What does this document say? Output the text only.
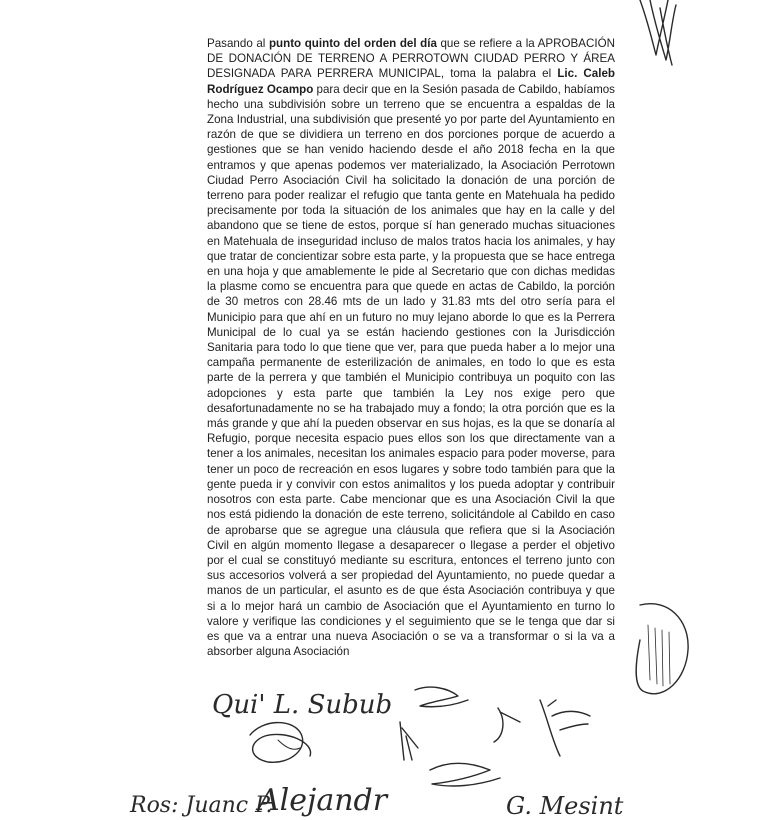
Pasando al punto quinto del orden del día que se refiere a la APROBACIÓN DE DONACIÓN DE TERRENO A PERROTOWN CIUDAD PERRO Y ÁREA DESIGNADA PARA PERRERA MUNICIPAL, toma la palabra el Lic. Caleb Rodríguez Ocampo para decir que en la Sesión pasada de Cabildo, habíamos hecho una subdivisión sobre un terreno que se encuentra a espaldas de la Zona Industrial, una subdivisión que presenté yo por parte del Ayuntamiento en razón de que se dividiera un terreno en dos porciones porque de acuerdo a gestiones que se han venido haciendo desde el año 2018 fecha en la que entramos y que apenas podemos ver materializado, la Asociación Perrotown Ciudad Perro Asociación Civil ha solicitado la donación de una porción de terreno para poder realizar el refugio que tanta gente en Matehuala ha pedido precisamente por toda la situación de los animales que hay en la calle y del abandono que se tiene de estos, porque sí han generado muchas situaciones en Matehuala de inseguridad incluso de malos tratos hacia los animales, y hay que tratar de concientizar sobre esta parte, y la propuesta que se hace entrega en una hoja y que amablemente le pide al Secretario que con dichas medidas la plasme como se encuentra para que quede en actas de Cabildo, la porción de 30 metros con 28.46 mts de un lado y 31.83 mts del otro sería para el Municipio para que ahí en un futuro no muy lejano aborde lo que es la Perrera Municipal de lo cual ya se están haciendo gestiones con la Jurisdicción Sanitaria para todo lo que tiene que ver, para que pueda haber a lo mejor una campaña permanente de esterilización de animales, en todo lo que es esta parte de la perrera y que también el Municipio contribuya un poquito con las adopciones y esta parte que también la Ley nos exige pero que desafortunadamente no se ha trabajado muy a fondo; la otra porción que es la más grande y que ahí la pueden observar en sus hojas, es la que se donaría al Refugio, porque necesita espacio pues ellos son los que directamente van a tener a los animales, necesitan los animales espacio para poder moverse, para tener un poco de recreación en esos lugares y sobre todo también para que la gente pueda ir y convivir con estos animalitos y los pueda adoptar y contribuir nosotros con esta parte. Cabe mencionar que es una Asociación Civil la que nos está pidiendo la donación de este terreno, solicitándole al Cabildo en caso de aprobarse que se agregue una cláusula que refiera que si la Asociación Civil en algún momento llegase a desaparecer o llegase a perder el objetivo por el cual se constituyó mediante su escritura, entonces el terreno junto con sus accesorios volverá a ser propiedad del Ayuntamiento, no puede quedar a manos de un particular, el asunto es de que ésta Asociación contribuya y que si a lo mejor hará un cambio de Asociación que el Ayuntamiento en turno lo valore y verifique las condiciones y el seguimiento que se le tenga que dar si es que va a entrar una nueva Asociación o se va a transformar o si la va a absorber alguna Asociación
Qui' L. Subub
Ros: Juanc P.
Alejandr	G. Mesint
